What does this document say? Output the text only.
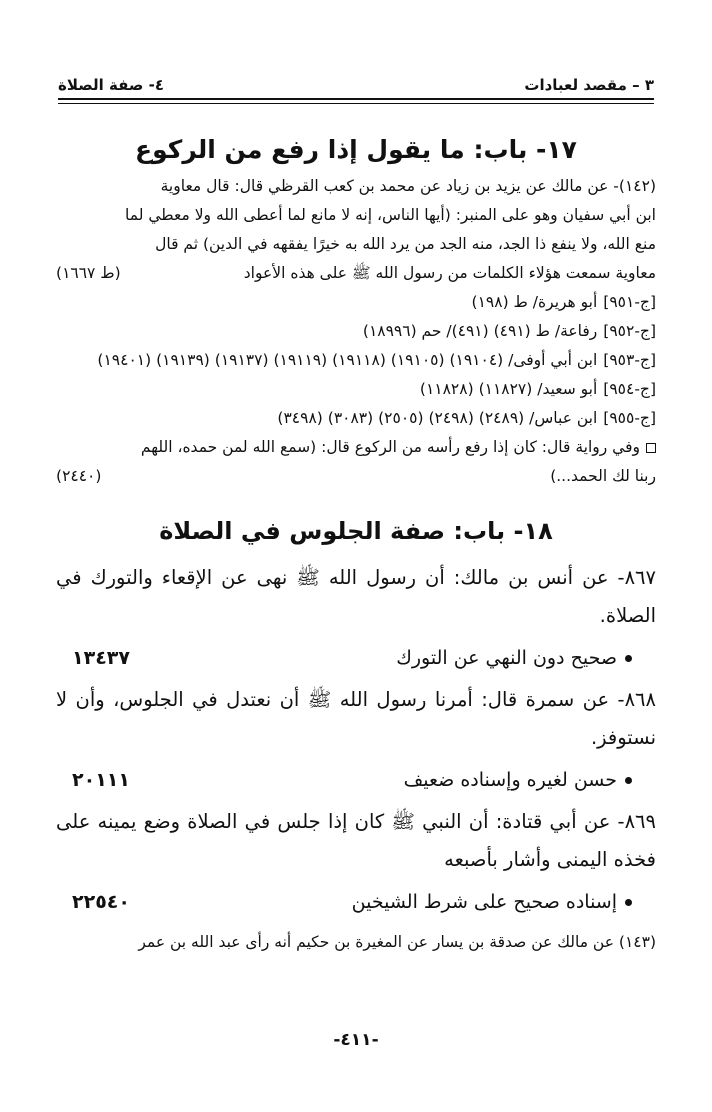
٣ – مقصد لعبادات
٤- صفة الصلاة
١٧- باب: ما يقول إذا رفع من الركوع

(١٤٢)- عن مالك عن يزيد بن زياد عن محمد بن كعب القرظي قال: قال معاوية

ابن أبي سفيان وهو على المنبر: (أيها الناس، إنه لا مانع لما أعطى الله ولا معطي لما

منع الله، ولا ينفع ذا الجد، منه الجد من يرد الله به خيرًا يفقهه في الدين) ثم قال

معاوية سمعت هؤلاء الكلمات من رسول الله ﷺ على هذه الأعواد
(ط ١٦٦٧)

[ج-٩٥١]
أبو هريرة/ ط (١٩٨)
[ج-٩٥٢]
رفاعة/ ط (٤٩١) (٤٩١)/ حم (١٨٩٩٦)
[ج-٩٥٣]
ابن أبي أوفى/ (١٩١٠٤) (١٩١٠٥) (١٩١١٨) (١٩١١٩) (١٩١٣٧) (١٩١٣٩) (١٩٤٠١)
[ج-٩٥٤]
أبو سعيد/ (١١٨٢٧) (١١٨٢٨)
[ج-٩٥٥]
ابن عباس/ (٢٤٨٩) (٢٤٩٨) (٢٥٠٥) (٣٠٨٣) (٣٤٩٨)

وفي رواية قال: كان إذا رفع رأسه من الركوع قال: (سمع الله لمن حمده، اللهم

ربنا لك الحمد...)
(٢٤٤٠)

١٨- باب: صفة الجلوس في الصلاة

٨٦٧- عن أنس بن مالك: أن رسول الله ﷺ نهى عن الإقعاء والتورك في الصلاة.

صحيح دون النهي عن التورك
١٣٤٣٧

٨٦٨- عن سمرة قال: أمرنا رسول الله ﷺ أن نعتدل في الجلوس، وأن لا نستوفز.

حسن لغيره وإسناده ضعيف
٢٠١١١

٨٦٩- عن أبي قتادة: أن النبي ﷺ كان إذا جلس في الصلاة وضع يمينه على فخذه اليمنى وأشار بأصبعه

إسناده صحيح على شرط الشيخين
٢٢٥٤٠
(١٤٣) عن مالك عن صدقة بن يسار عن المغيرة بن حكيم أنه رأى عبد الله بن عمر
-٤١١-
